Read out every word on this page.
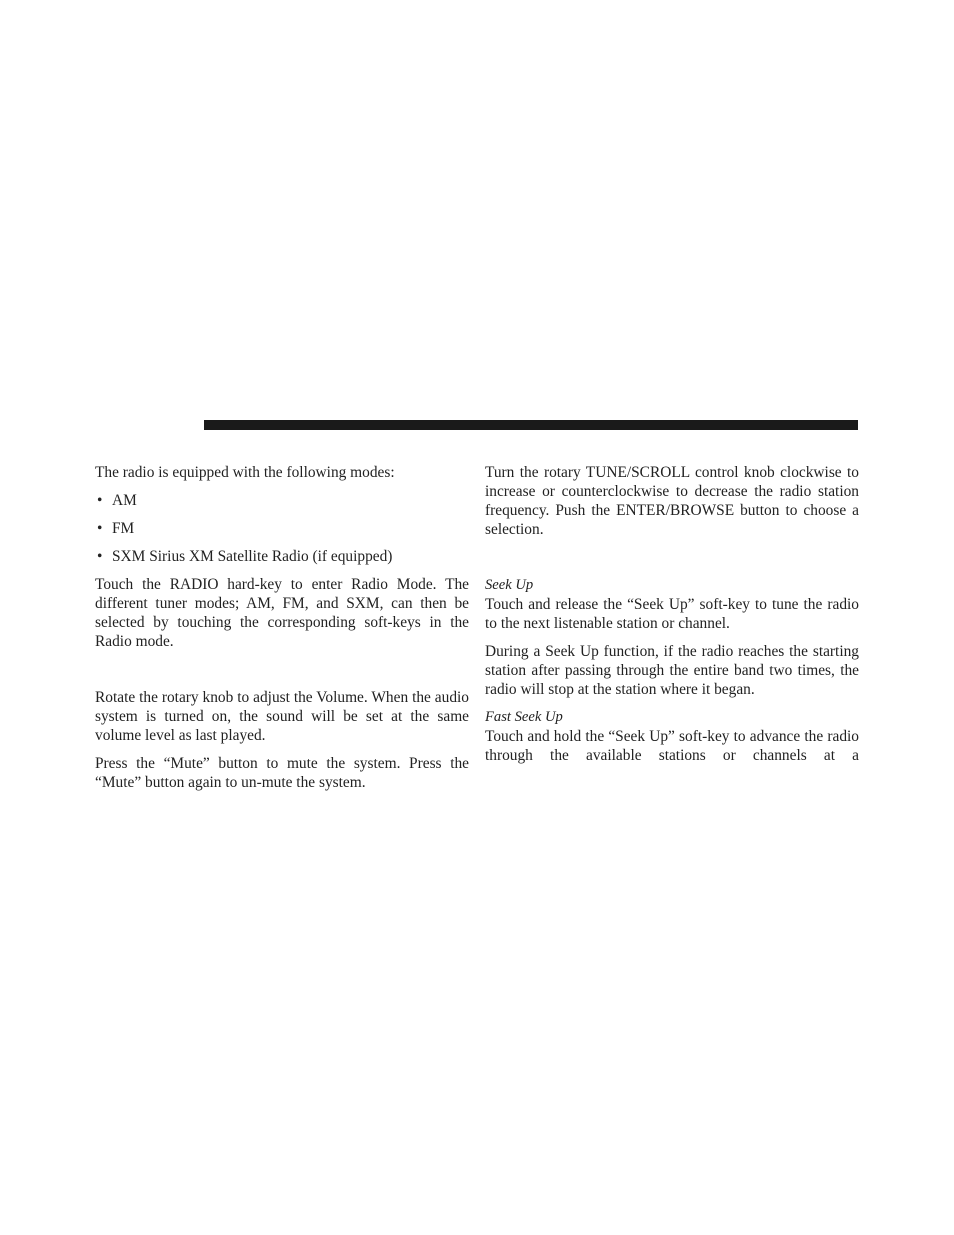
The radio is equipped with the following modes:

• AM
• FM
• SXM Sirius XM Satellite Radio (if equipped)

Touch the RADIO hard-key to enter Radio Mode. The different tuner modes; AM, FM, and SXM, can then be selected by touching the corresponding soft-keys in the Radio mode.

Rotate the rotary knob to adjust the Volume. When the audio system is turned on, the sound will be set at the same volume level as last played.

Press the “Mute” button to mute the system. Press the “Mute” button again to un-mute the system.

Turn the rotary TUNE/SCROLL control knob clockwise to increase or counterclockwise to decrease the radio station frequency. Push the ENTER/BROWSE button to choose a selection.

Seek Up

Touch and release the “Seek Up” soft-key to tune the radio to the next listenable station or channel.

During a Seek Up function, if the radio reaches the starting station after passing through the entire band two times, the radio will stop at the station where it began.

Fast Seek Up

Touch and hold the “Seek Up” soft-key to advance the radio through the available stations or channels at a
